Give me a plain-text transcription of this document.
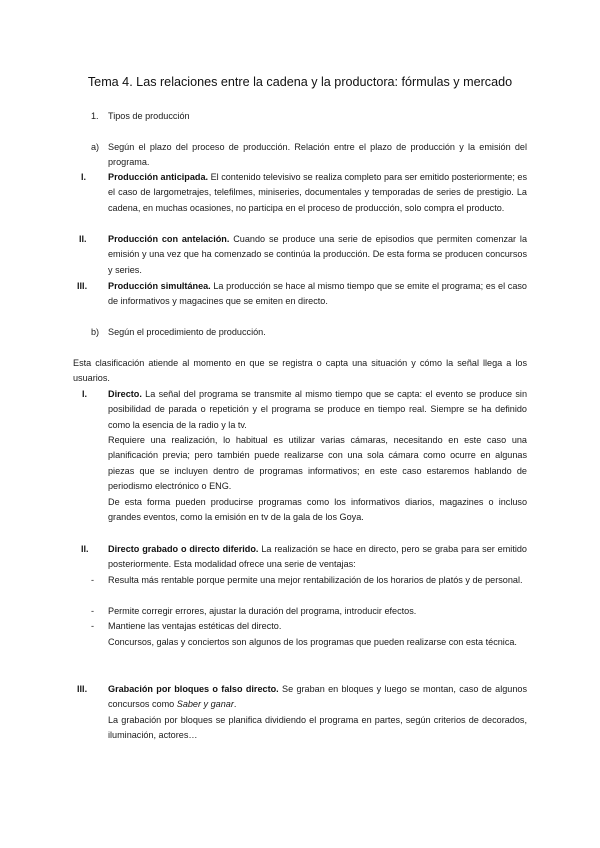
Tema 4. Las relaciones entre la cadena y la productora: fórmulas y mercado
1. Tipos de producción
a) Según el plazo del proceso de producción. Relación entre el plazo de producción y la emisión del programa.
I. Producción anticipada. El contenido televisivo se realiza completo para ser emitido posteriormente; es el caso de largometrajes, telefilmes, miniseries, documentales y temporadas de series de prestigio. La cadena, en muchas ocasiones, no participa en el proceso de producción, solo compra el producto.
II. Producción con antelación. Cuando se produce una serie de episodios que permiten comenzar la emisión y una vez que ha comenzado se continúa la producción. De esta forma se producen concursos y series.
III. Producción simultánea. La producción se hace al mismo tiempo que se emite el programa; es el caso de informativos y magacines que se emiten en directo.
b) Según el procedimiento de producción.
Esta clasificación atiende al momento en que se registra o capta una situación y cómo la señal llega a los usuarios.
I. Directo. La señal del programa se transmite al mismo tiempo que se capta: el evento se produce sin posibilidad de parada o repetición y el programa se produce en tiempo real. Siempre se ha definido como la esencia de la radio y la tv.
Requiere una realización, lo habitual es utilizar varias cámaras, necesitando en este caso una planificación previa; pero también puede realizarse con una sola cámara como ocurre en algunas piezas que se incluyen dentro de programas informativos; en este caso estaremos hablando de periodismo electrónico o ENG.
De esta forma pueden producirse programas como los informativos diarios, magazines o incluso grandes eventos, como la emisión en tv de la gala de los Goya.
II. Directo grabado o directo diferido. La realización se hace en directo, pero se graba para ser emitido posteriormente. Esta modalidad ofrece una serie de ventajas:
- Resulta más rentable porque permite una mejor rentabilización de los horarios de platós y de personal.
- Permite corregir errores, ajustar la duración del programa, introducir efectos.
- Mantiene las ventajas estéticas del directo.
Concursos, galas y conciertos son algunos de los programas que pueden realizarse con esta técnica.
III. Grabación por bloques o falso directo. Se graban en bloques y luego se montan, caso de algunos concursos como Saber y ganar.
La grabación por bloques se planifica dividiendo el programa en partes, según criterios de decorados, iluminación, actores…
